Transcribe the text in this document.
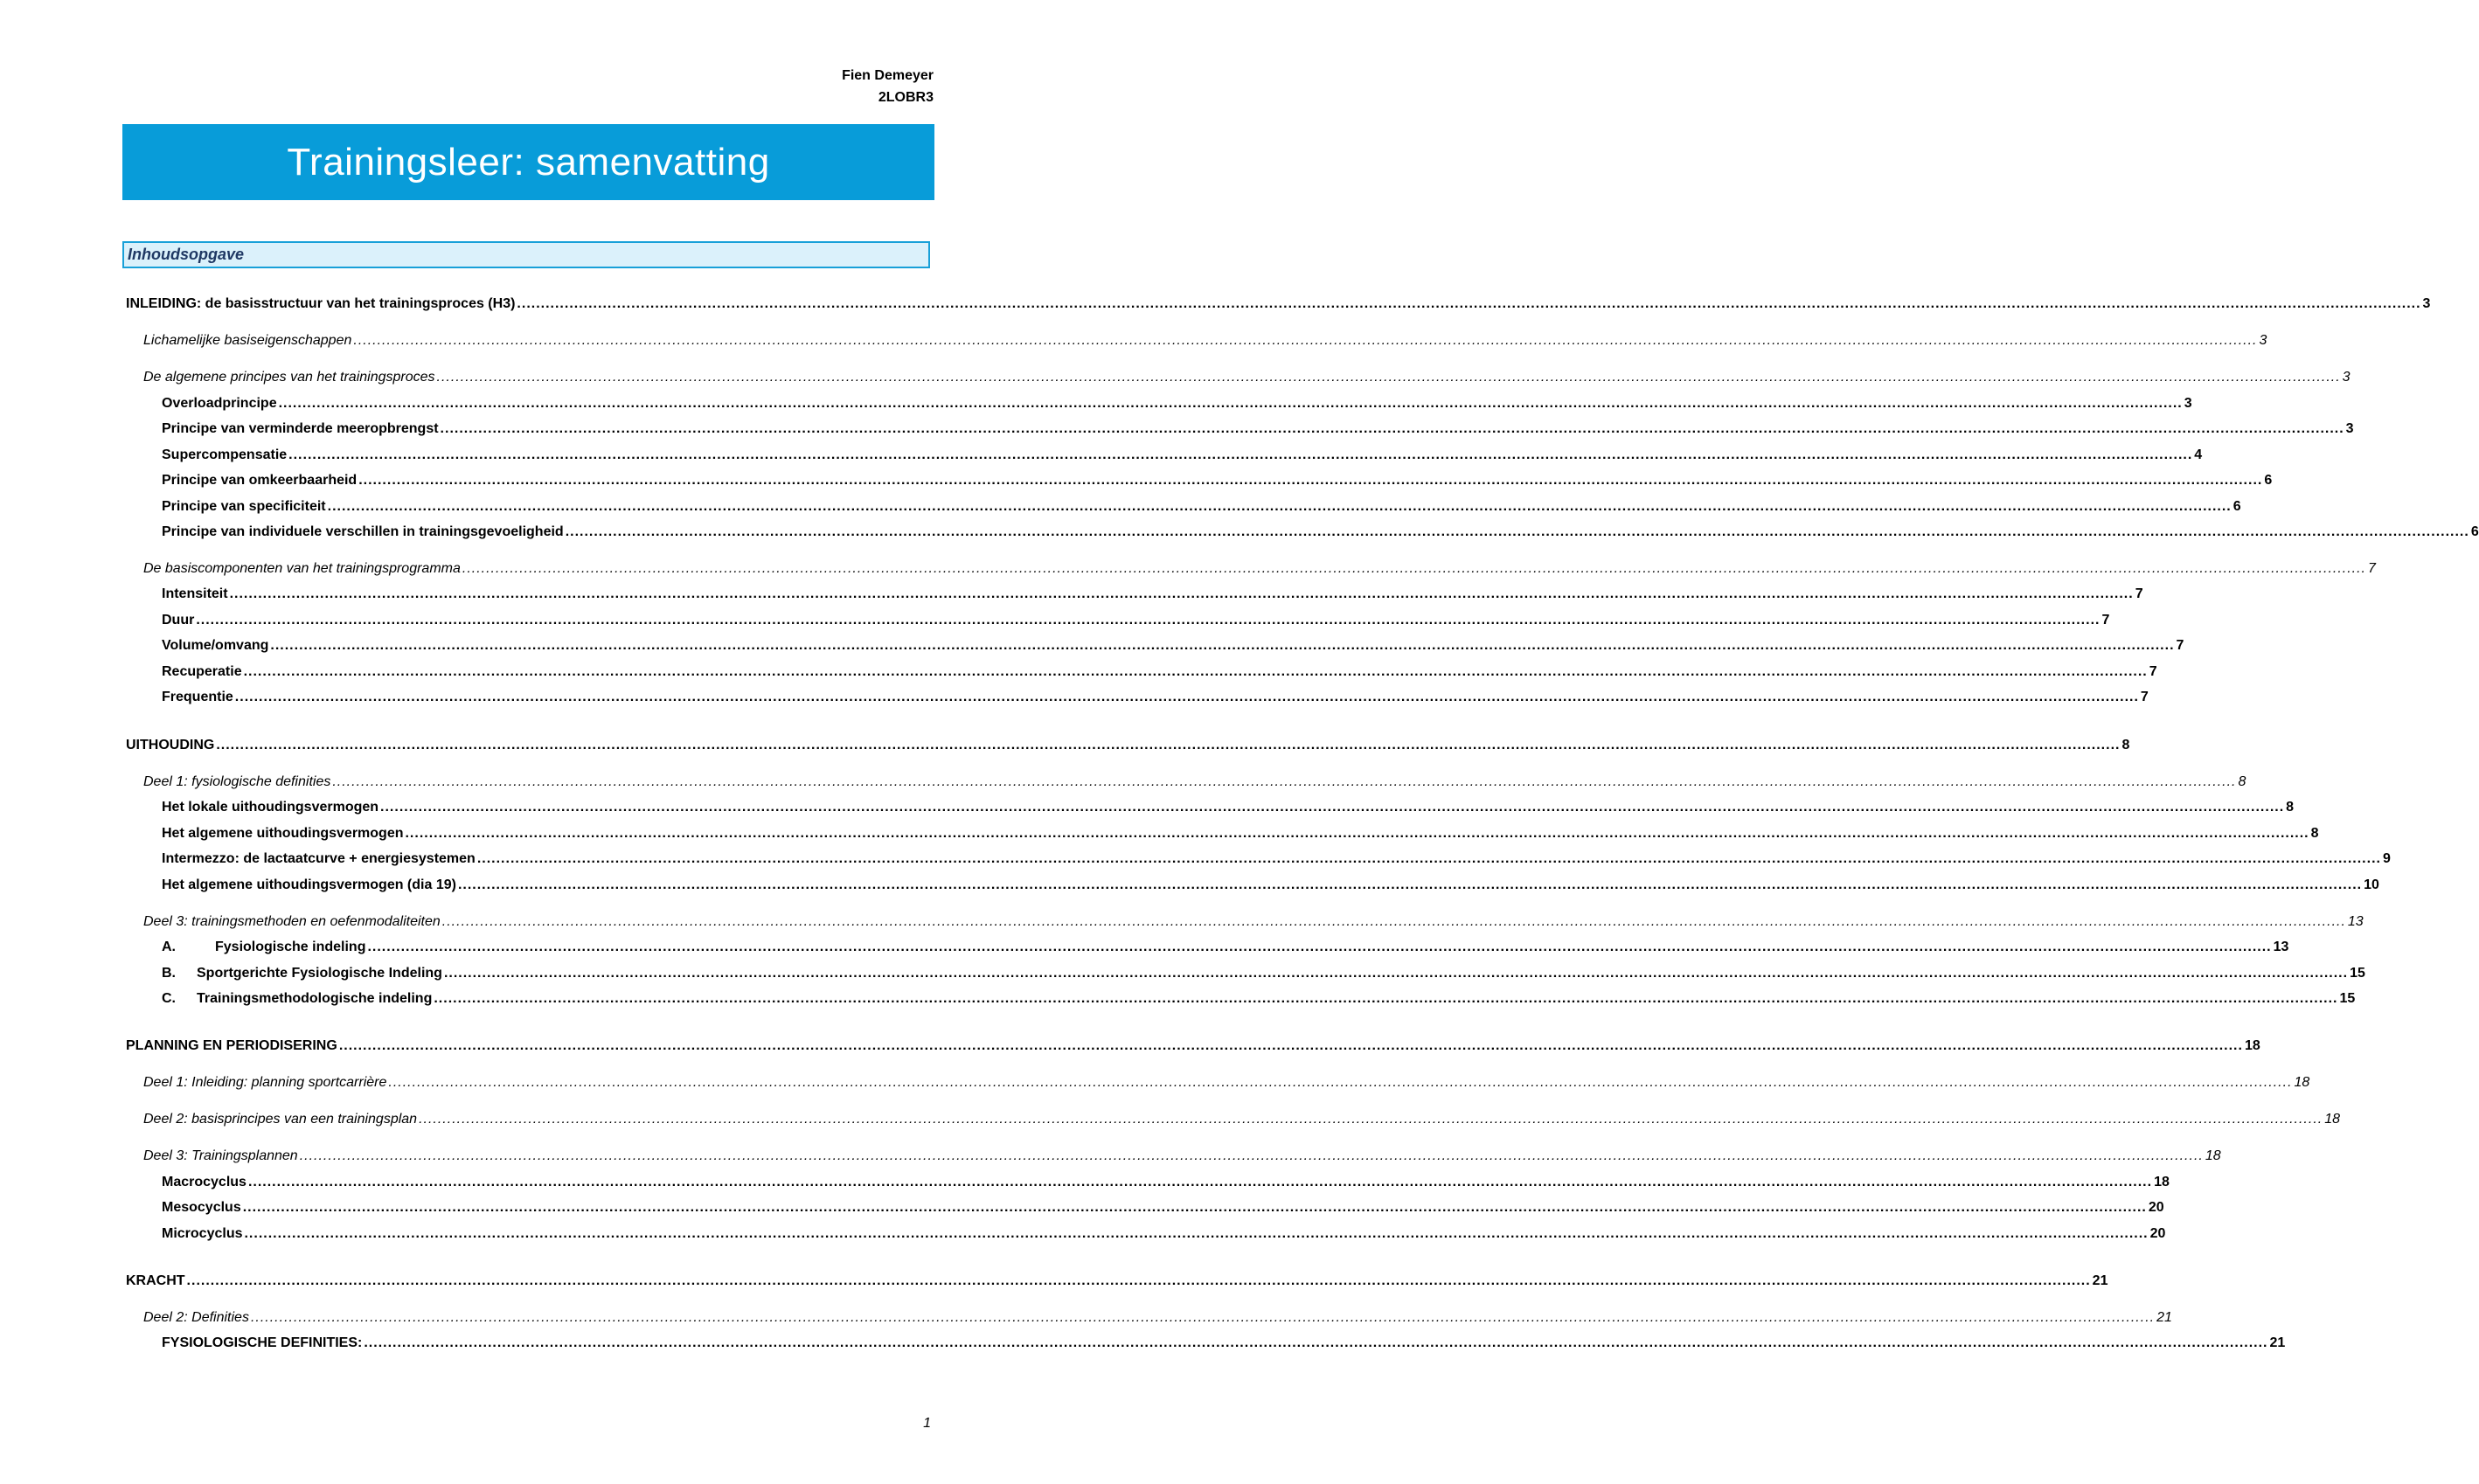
Fien Demeyer
2LOBR3
Trainingsleer: samenvatting
Inhoudsopgave
INLEIDING: de basisstructuur van het trainingsproces (H3) ................................................................................................................................................................................................................................................................................................................................................................................................................ 3
Lichamelijke basiseigenschappen ................................................................................................................................................................................................................................................................................................................................................................................................................ 3
De algemene principes van het trainingsproces ................................................................................................................................................................................................................................................................................................................................................................................................................ 3
Overloadprincipe ................................................................................................................................................................................................................................................................................................................................................................................................................ 3
Principe van verminderde meeropbrengst ................................................................................................................................................................................................................................................................................................................................................................................................................ 3
Supercompensatie ................................................................................................................................................................................................................................................................................................................................................................................................................ 4
Principe van omkeerbaarheid ................................................................................................................................................................................................................................................................................................................................................................................................................ 6
Principe van specificiteit ................................................................................................................................................................................................................................................................................................................................................................................................................ 6
Principe van individuele verschillen in trainingsgevoeligheid ................................................................................................................................................................................................................................................................................................................................................................................................................ 6
De basiscomponenten van het trainingsprogramma ................................................................................................................................................................................................................................................................................................................................................................................................................ 7
Intensiteit ................................................................................................................................................................................................................................................................................................................................................................................................................ 7
Duur ................................................................................................................................................................................................................................................................................................................................................................................................................ 7
Volume/omvang ................................................................................................................................................................................................................................................................................................................................................................................................................ 7
Recuperatie ................................................................................................................................................................................................................................................................................................................................................................................................................ 7
Frequentie ................................................................................................................................................................................................................................................................................................................................................................................................................ 7
UITHOUDING ................................................................................................................................................................................................................................................................................................................................................................................................................ 8
Deel 1: fysiologische definities ................................................................................................................................................................................................................................................................................................................................................................................................................ 8
Het lokale uithoudingsvermogen ................................................................................................................................................................................................................................................................................................................................................................................................................ 8
Het algemene uithoudingsvermogen ................................................................................................................................................................................................................................................................................................................................................................................................................ 8
Intermezzo: de lactaatcurve + energiesystemen ................................................................................................................................................................................................................................................................................................................................................................................................................ 9
Het algemene uithoudingsvermogen (dia 19) ................................................................................................................................................................................................................................................................................................................................................................................................................ 10
Deel 3: trainingsmethoden en oefenmodaliteiten ................................................................................................................................................................................................................................................................................................................................................................................................................ 13
A.	Fysiologische indeling ................................................................................................................................................................................................................................................................................................................................................................................................................ 13
B. Sportgerichte Fysiologische Indeling ................................................................................................................................................................................................................................................................................................................................................................................................................ 15
C. Trainingsmethodologische indeling ................................................................................................................................................................................................................................................................................................................................................................................................................ 15
PLANNING EN PERIODISERING ................................................................................................................................................................................................................................................................................................................................................................................................................ 18
Deel 1: Inleiding: planning sportcarrière ................................................................................................................................................................................................................................................................................................................................................................................................................ 18
Deel 2: basisprincipes van een trainingsplan ................................................................................................................................................................................................................................................................................................................................................................................................................ 18
Deel 3: Trainingsplannen ................................................................................................................................................................................................................................................................................................................................................................................................................ 18
Macrocyclus ................................................................................................................................................................................................................................................................................................................................................................................................................ 18
Mesocyclus ................................................................................................................................................................................................................................................................................................................................................................................................................ 20
Microcyclus ................................................................................................................................................................................................................................................................................................................................................................................................................ 20
KRACHT ................................................................................................................................................................................................................................................................................................................................................................................................................ 21
Deel 2: Definities ................................................................................................................................................................................................................................................................................................................................................................................................................ 21
FYSIOLOGISCHE DEFINITIES: ................................................................................................................................................................................................................................................................................................................................................................................................................ 21
1
